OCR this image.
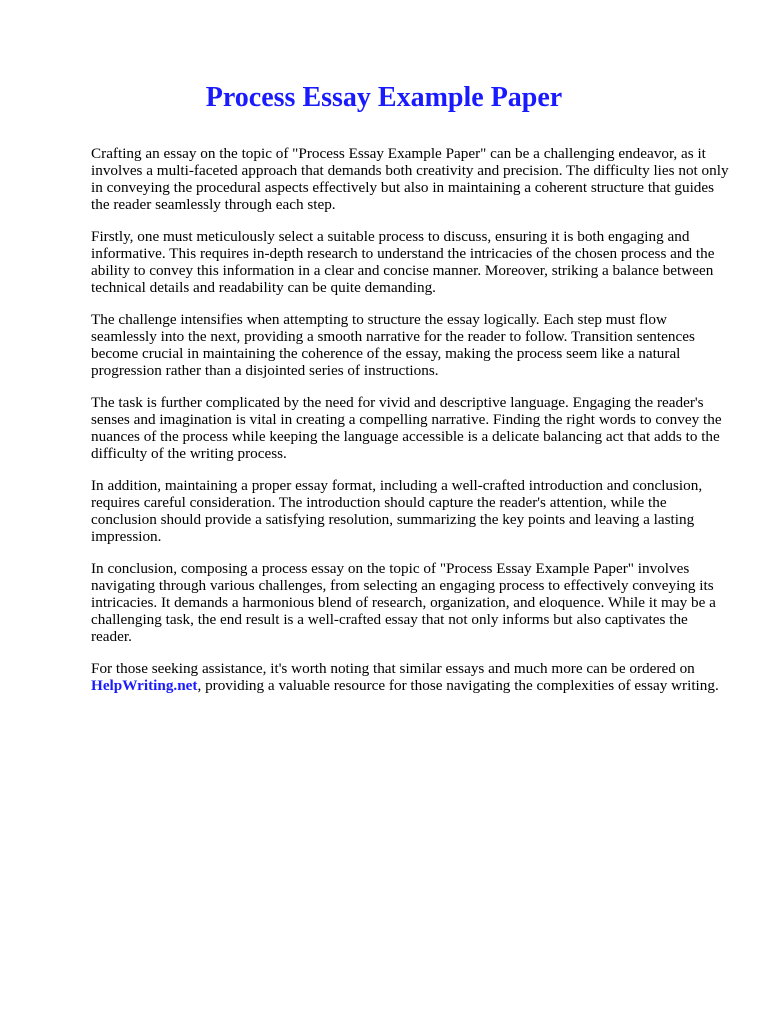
Process Essay Example Paper

Crafting an essay on the topic of "Process Essay Example Paper" can be a challenging endeavor, as it involves a multi-faceted approach that demands both creativity and precision. The difficulty lies not only in conveying the procedural aspects effectively but also in maintaining a coherent structure that guides the reader seamlessly through each step.

Firstly, one must meticulously select a suitable process to discuss, ensuring it is both engaging and informative. This requires in-depth research to understand the intricacies of the chosen process and the ability to convey this information in a clear and concise manner. Moreover, striking a balance between technical details and readability can be quite demanding.

The challenge intensifies when attempting to structure the essay logically. Each step must flow seamlessly into the next, providing a smooth narrative for the reader to follow. Transition sentences become crucial in maintaining the coherence of the essay, making the process seem like a natural progression rather than a disjointed series of instructions.

The task is further complicated by the need for vivid and descriptive language. Engaging the reader's senses and imagination is vital in creating a compelling narrative. Finding the right words to convey the nuances of the process while keeping the language accessible is a delicate balancing act that adds to the difficulty of the writing process.

In addition, maintaining a proper essay format, including a well-crafted introduction and conclusion, requires careful consideration. The introduction should capture the reader's attention, while the conclusion should provide a satisfying resolution, summarizing the key points and leaving a lasting impression.

In conclusion, composing a process essay on the topic of "Process Essay Example Paper" involves navigating through various challenges, from selecting an engaging process to effectively conveying its intricacies. It demands a harmonious blend of research, organization, and eloquence. While it may be a challenging task, the end result is a well-crafted essay that not only informs but also captivates the reader.

For those seeking assistance, it's worth noting that similar essays and much more can be ordered on HelpWriting.net, providing a valuable resource for those navigating the complexities of essay writing.
